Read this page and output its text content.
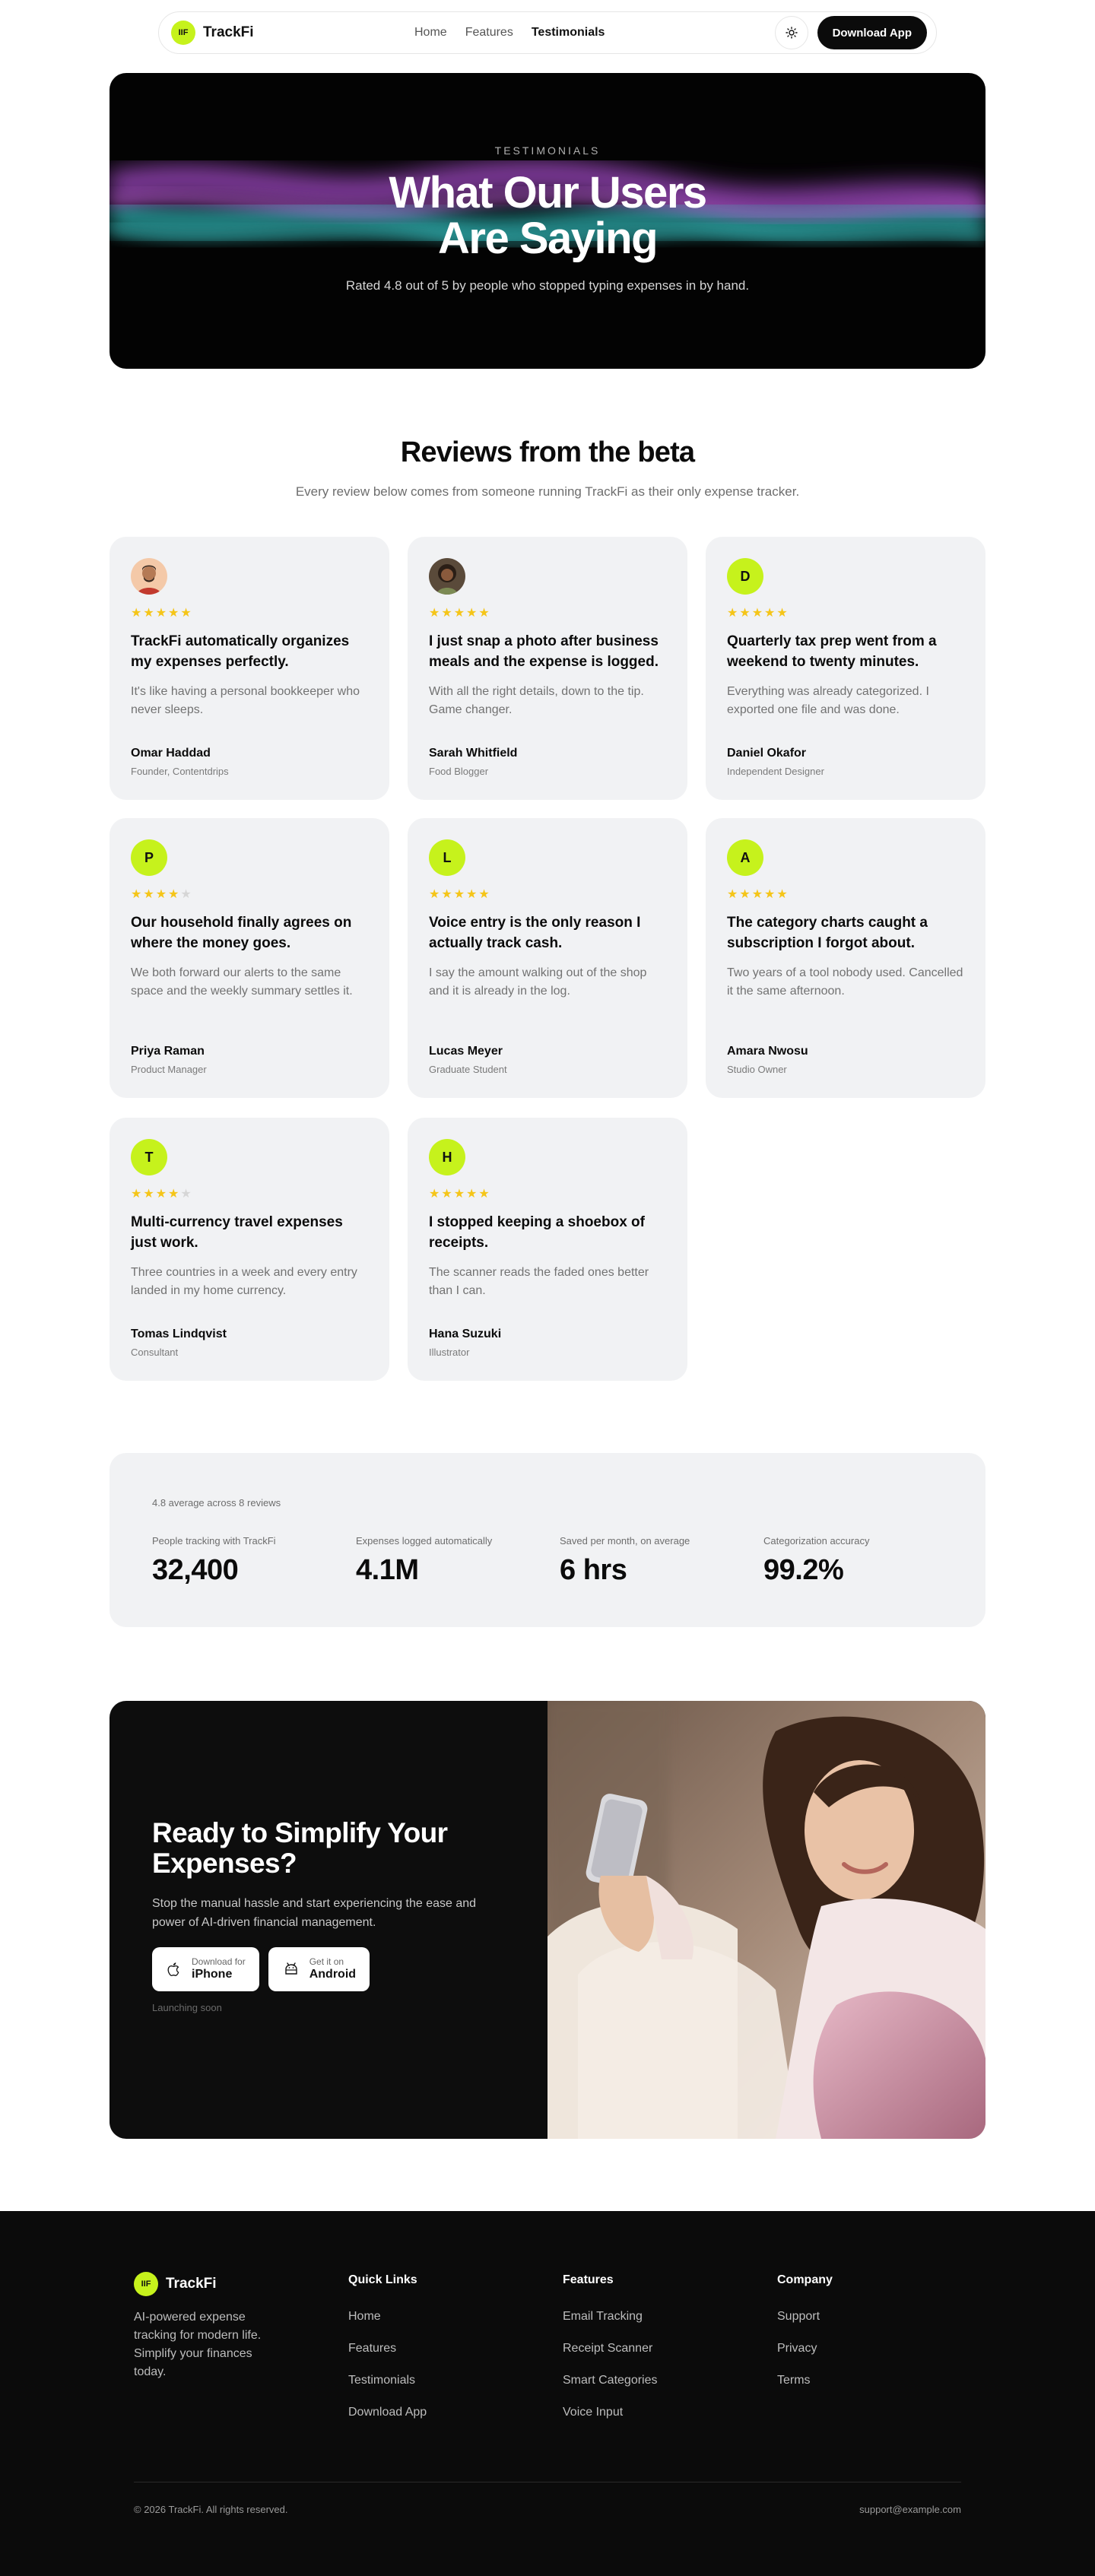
IIF	TrackFi	Home Features Testimonials	Download App
TESTIMONIALS
What Our Users
Are Saying

Rated 4.8 out of 5 by people who stopped typing expenses in by hand.

Reviews from the beta

Every review below comes from someone running TrackFi as their only expense tracker.

★★★★★
TrackFi automatically organizes my expenses perfectly.
It's like having a personal bookkeeper who never sleeps.
Omar Haddad
Founder, Contentdrips
★★★★★
I just snap a photo after business meals and the expense is logged.
With all the right details, down to the tip. Game changer.
Sarah Whitfield
Food Blogger
D
★★★★★
Quarterly tax prep went from a weekend to twenty minutes.
Everything was already categorized. I exported one file and was done.
Daniel Okafor
Independent Designer
P
★★★★★
Our household finally agrees on where the money goes.
We both forward our alerts to the same space and the weekly summary settles it.
Priya Raman
Product Manager
L
★★★★★
Voice entry is the only reason I actually track cash.
I say the amount walking out of the shop and it is already in the log.
Lucas Meyer
Graduate Student
A
★★★★★
The category charts caught a subscription I forgot about.
Two years of a tool nobody used. Cancelled it the same afternoon.
Amara Nwosu
Studio Owner
T
★★★★★
Multi-currency travel expenses just work.
Three countries in a week and every entry landed in my home currency.
Tomas Lindqvist
Consultant
H
★★★★★
I stopped keeping a shoebox of receipts.
The scanner reads the faded ones better than I can.
Hana Suzuki
Illustrator
4.8 average across 8 reviews
People tracking with TrackFi
32,400
Expenses logged automatically
4.1M
Saved per month, on average
6 hrs
Categorization accuracy
99.2%
Ready to Simplify Your Expenses?

Stop the manual hassle and start experiencing the ease and power of AI-driven financial management.

Download for
iPhone
Get it on
Android
Launching soon
IIF	TrackFi

AI-powered expense tracking for modern life. Simplify your finances today.

Quick Links
Home
Features
Testimonials
Download App
Features
Email Tracking
Receipt Scanner
Smart Categories
Voice Input
Company
Support
Privacy
Terms
© 2026 TrackFi. All rights reserved.	support@example.com
